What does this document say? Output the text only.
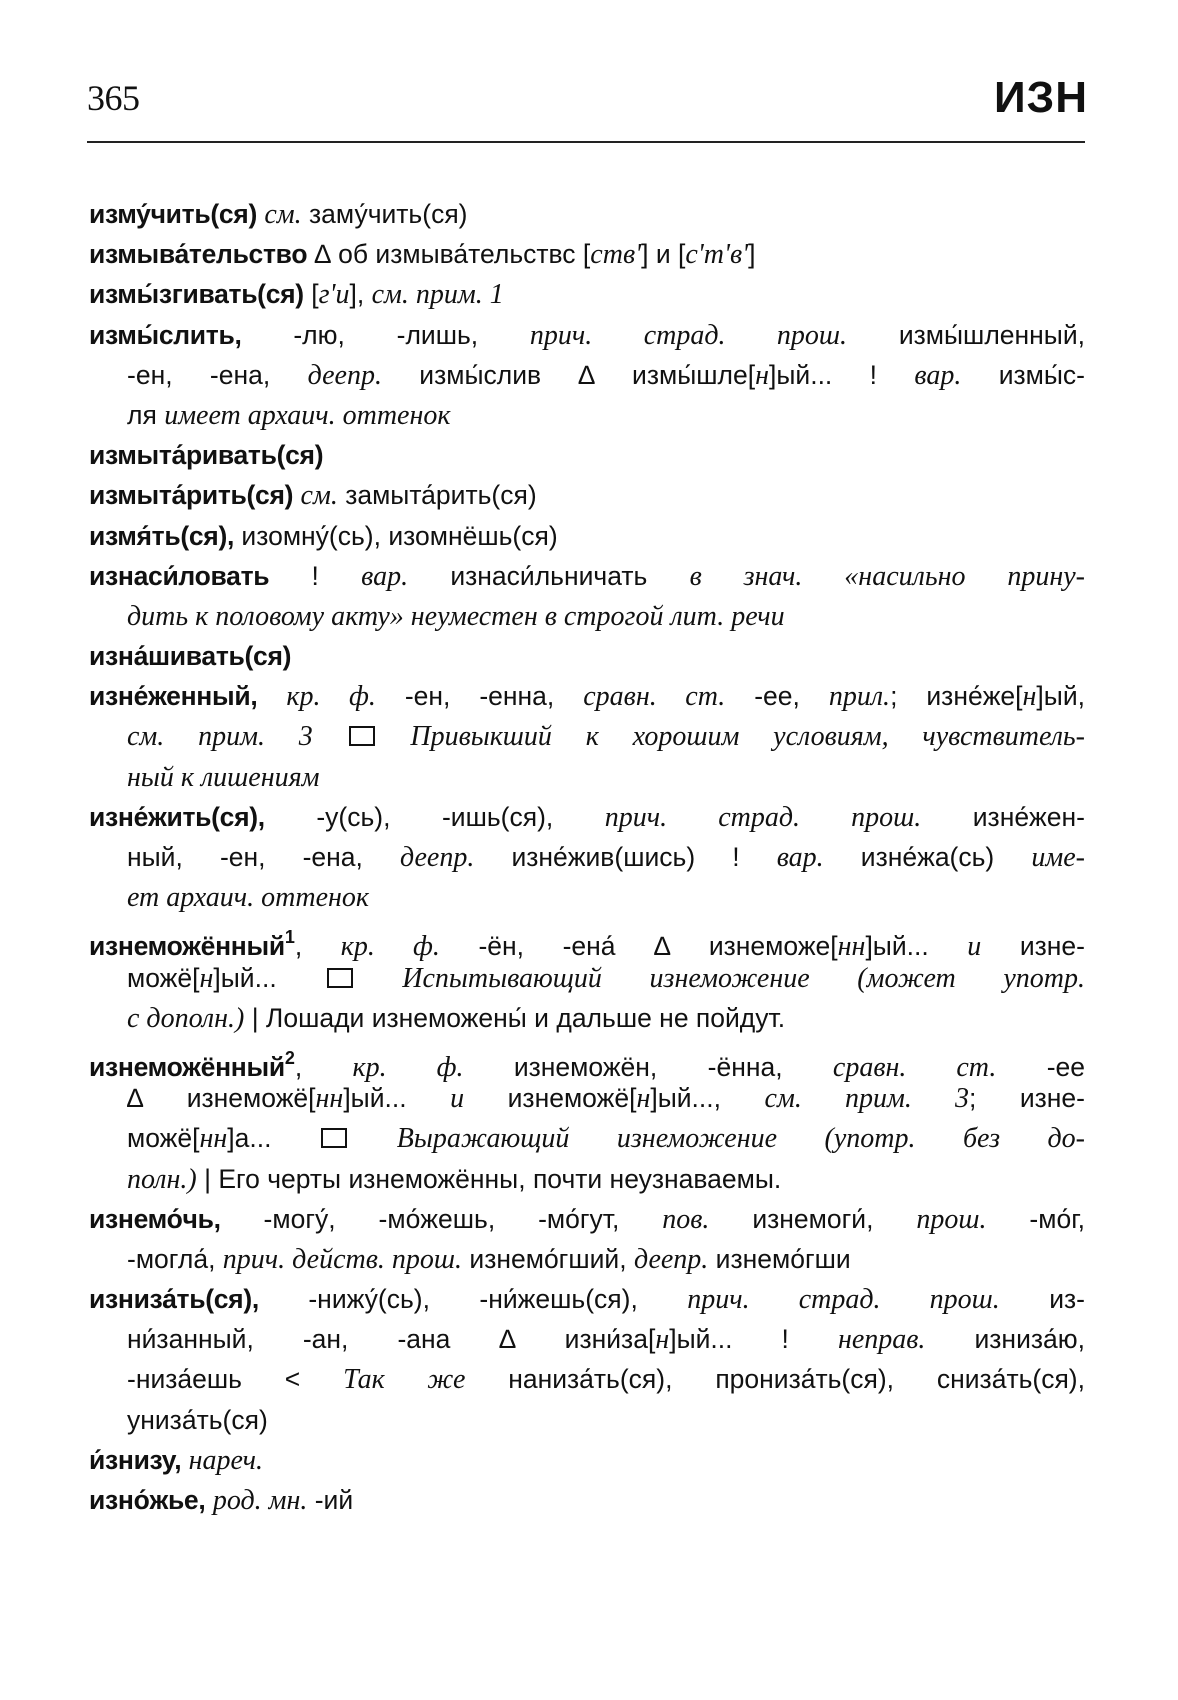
365	ИЗН
изму́чить(ся) см. заму́чить(ся)
измыва́тельство ∆ об измыва́тельствс [ств'] и [с'т'в']
измы́згивать(ся) [г'и], см. прим. 1
измы́слить, -лю, -лишь, прич. страд. прош. измы́шленный,
-ен, -ена, деепр. измы́слив ∆ измы́шле[н]ый... ! вар. измы́с-
ля имеет архаич. оттенок
измыта́ривать(ся)
измыта́рить(ся) см. замыта́рить(ся)
измя́ть(ся), изомну́(сь), изомнёшь(ся)
изнаси́ловать ! вар. изнаси́льничать в знач. «насильно прину-
дить к половому акту» неуместен в строгой лит. речи
изна́шивать(ся)
изне́женный, кр. ф. -ен, -енна, сравн. ст. -ее, прил.; изне́же[н]ый,
см. прим. 3  Привыкший к хорошим условиям, чувствитель-
ный к лишениям
изне́жить(ся), -у(сь), -ишь(ся), прич. страд. прош. изне́жен-
ный, -ен, -ена, деепр. изне́жив(шись) ! вар. изне́жа(сь) име-
ет архаич. оттенок
изнеможённый$^1$, кр. ф. -ён, -ена́ ∆ изнеможе[нн]ый... и изне-
можё[н]ый...  Испытывающий изнеможение (может употр.
с дополн.) | Лошади изнеможены́ и дальше не пойдут.
изнеможённый$^2$, кр. ф. изнеможён, -ённа, сравн. ст. -ее
∆ изнеможё[нн]ый... и изнеможё[н]ый..., см. прим. 3; изне-
можё[нн]а...  Выражающий изнеможение (употр. без до-
полн.) | Его черты изнеможённы, почти неузнаваемы.
изнемо́чь, -могу́, -мо́жешь, -мо́гут, пов. изнемоги́, прош. -мо́г,
-могла́, прич. действ. прош. изнемо́гший, деепр. изнемо́гши
изниза́ть(ся), -нижу́(сь), -ни́жешь(ся), прич. страд. прош. из-
ни́занный, -ан, -ана ∆ изни́за[н]ый... ! неправ. изниза́ю,
-низа́ешь < Так же наниза́ть(ся), прониза́ть(ся), сниза́ть(ся),
униза́ть(ся)
и́знизу, нареч.
изно́жье, род. мн. -ий
